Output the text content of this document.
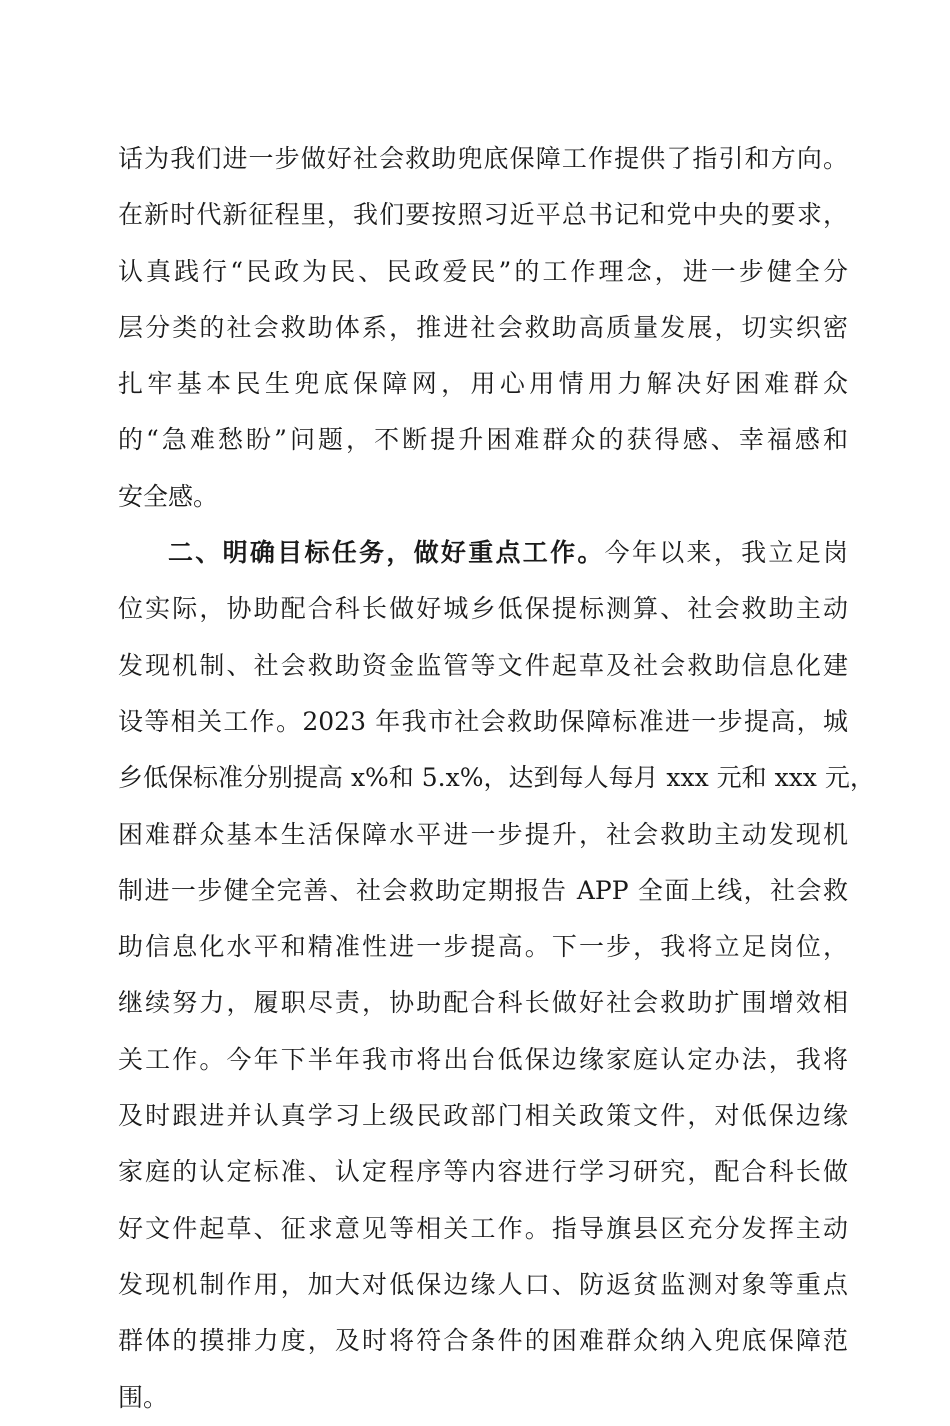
话为我们进一步做好社会救助兜底保障工作提供了指引和方向。
在新时代新征程里，我们要按照习近平总书记和党中央的要求，
认真践行“民政为民、民政爱民”的工作理念，进一步健全分
层分类的社会救助体系，推进社会救助高质量发展，切实织密
扎牢基本民生兜底保障网，用心用情用力解决好困难群众
的“急难愁盼”问题，不断提升困难群众的获得感、幸福感和
安全感。
二、明确目标任务，做好重点工作。今年以来，我立足岗
位实际，协助配合科长做好城乡低保提标测算、社会救助主动
发现机制、社会救助资金监管等文件起草及社会救助信息化建
设等相关工作。2023 年我市社会救助保障标准进一步提高，城
乡低保标准分别提高 x%和 5.x%，达到每人每月 xxx 元和 xxx 元，
困难群众基本生活保障水平进一步提升，社会救助主动发现机
制进一步健全完善、社会救助定期报告 APP 全面上线，社会救
助信息化水平和精准性进一步提高。下一步，我将立足岗位，
继续努力，履职尽责，协助配合科长做好社会救助扩围增效相
关工作。今年下半年我市将出台低保边缘家庭认定办法，我将
及时跟进并认真学习上级民政部门相关政策文件，对低保边缘
家庭的认定标准、认定程序等内容进行学习研究，配合科长做
好文件起草、征求意见等相关工作。指导旗县区充分发挥主动
发现机制作用，加大对低保边缘人口、防返贫监测对象等重点
群体的摸排力度，及时将符合条件的困难群众纳入兜底保障范
围。
